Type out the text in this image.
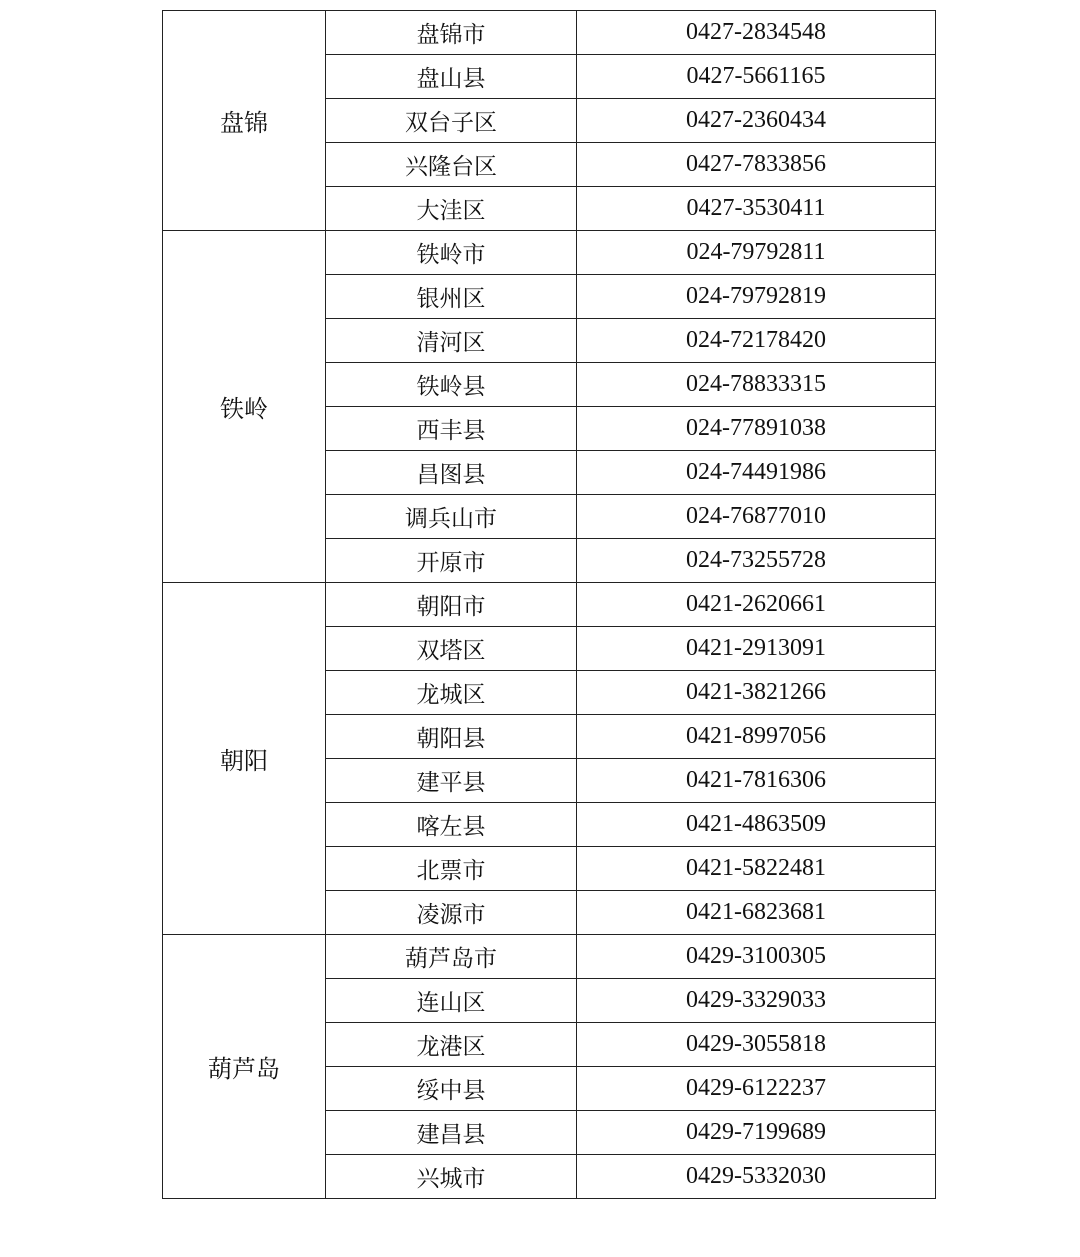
盘锦	盘锦市	0427-2834548
	盘山县	0427-5661165
	双台子区	0427-2360434
	兴隆台区	0427-7833856
	大洼区	0427-3530411
铁岭	铁岭市	024-79792811
	银州区	024-79792819
	清河区	024-72178420
	铁岭县	024-78833315
	西丰县	024-77891038
	昌图县	024-74491986
	调兵山市	024-76877010
	开原市	024-73255728
朝阳	朝阳市	0421-2620661
	双塔区	0421-2913091
	龙城区	0421-3821266
	朝阳县	0421-8997056
	建平县	0421-7816306
	喀左县	0421-4863509
	北票市	0421-5822481
	凌源市	0421-6823681
葫芦岛	葫芦岛市	0429-3100305
	连山区	0429-3329033
	龙港区	0429-3055818
	绥中县	0429-6122237
	建昌县	0429-7199689
	兴城市	0429-5332030
